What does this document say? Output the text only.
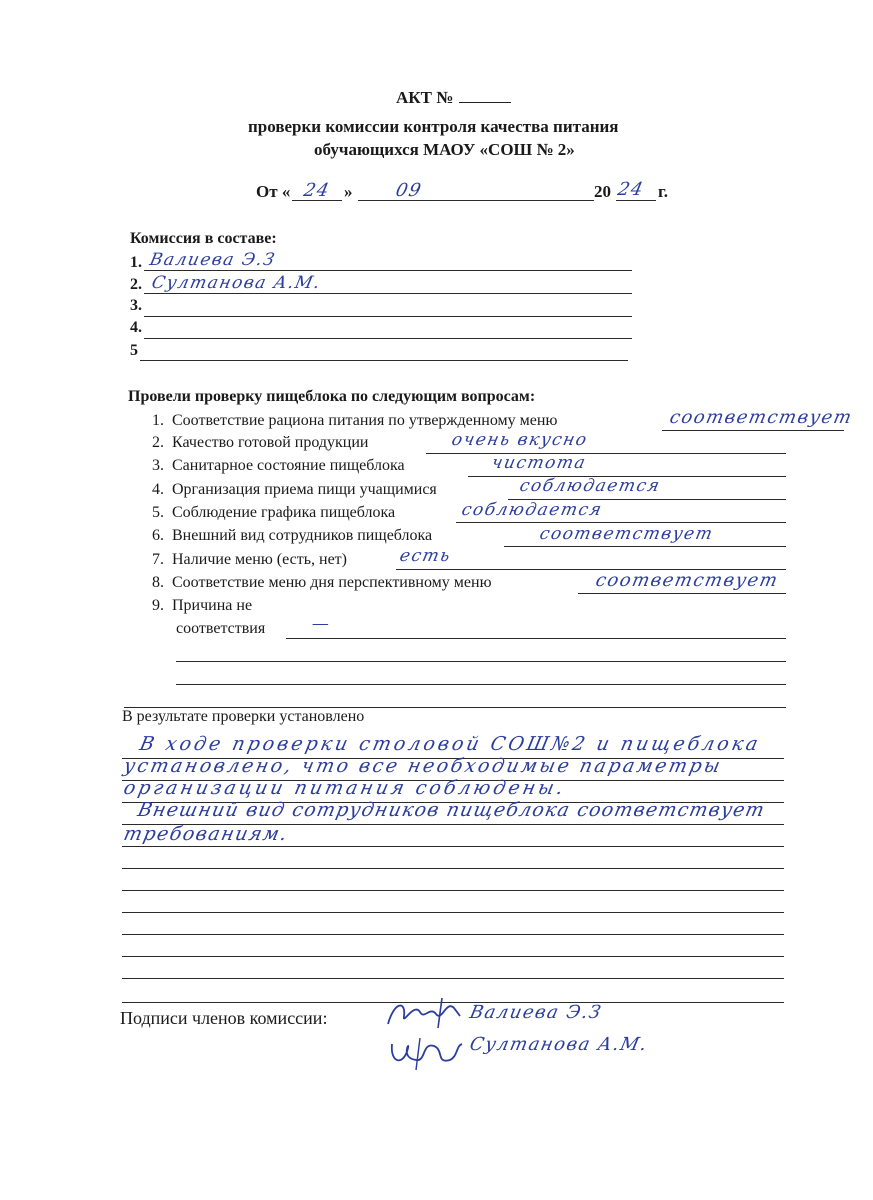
АКТ №
проверки комиссии контроля качества питания
обучающихся МАОУ «СОШ № 2»
От « 24 » 09	20 24 г.
Комиссия в составе:
1. Валиева Э.З
2. Султанова А.М.
3.
4.
5
Провели проверку пищеблока по следующим вопросам:
1. Соответствие рациона питания по утвержденному меню	соответствует
2. Качество готовой продукции	очень вкусно
3. Санитарное состояние пищеблока	чистота
4. Организация приема пищи учащимися	соблюдается
5. Соблюдение графика пищеблока	соблюдается
6. Внешний вид сотрудников пищеблока	соответствует
7. Наличие меню (есть, нет)	есть
8. Соответствие меню дня перспективному меню	соответствует
9. Причина не
соответствия	—
В результате проверки установлено
В ходе проверки столовой СОШ№2 и пищеблока
установлено, что все необходимые параметры
организации питания соблюдены.
Внешний вид сотрудников пищеблока соответствует
требованиям.
Подписи членов комиссии:	Валиева Э.З
Султанова А.М.
